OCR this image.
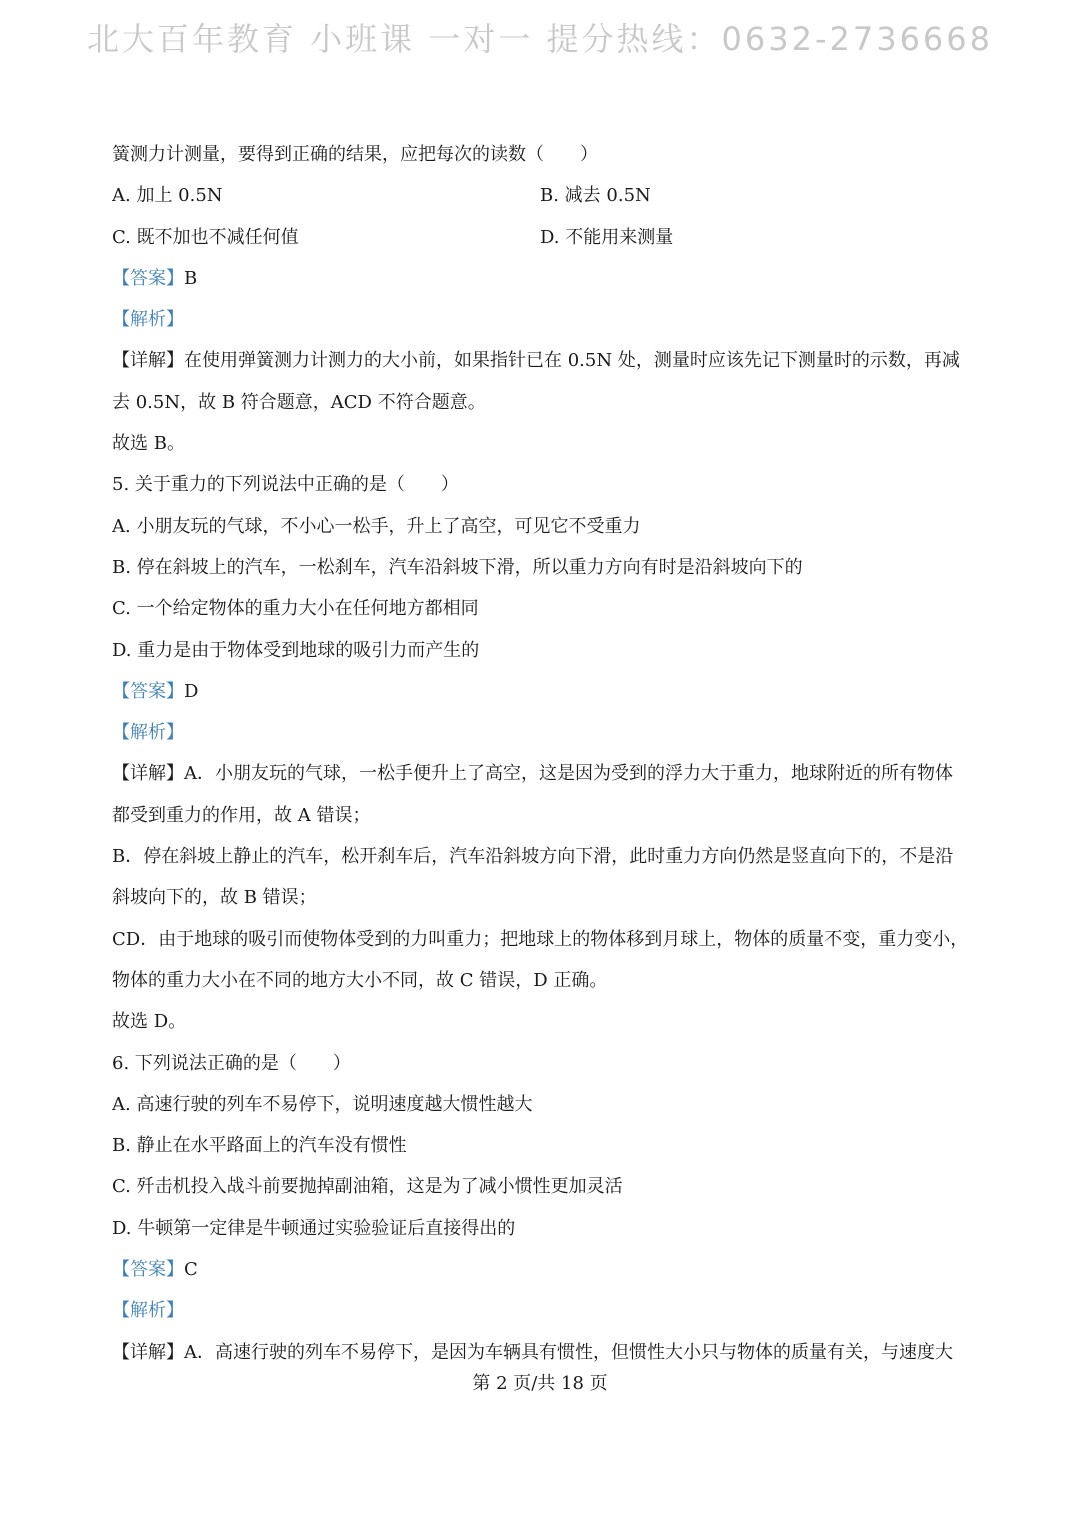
北大百年教育 小班课 一对一 提分热线：0632-2736668
簧测力计测量，要得到正确的结果，应把每次的读数（　　）
A. 加上 0.5N	B. 减去 0.5N
C. 既不加也不减任何值	D. 不能用来测量
【答案】B
【解析】
【详解】在使用弹簧测力计测力的大小前，如果指针已在 0.5N 处，测量时应该先记下测量时的示数，再减
去 0.5N，故 B 符合题意，ACD 不符合题意。
故选 B。
5. 关于重力的下列说法中正确的是（　　）
A. 小朋友玩的气球，不小心一松手，升上了高空，可见它不受重力
B. 停在斜坡上的汽车，一松刹车，汽车沿斜坡下滑，所以重力方向有时是沿斜坡向下的
C. 一个给定物体的重力大小在任何地方都相同
D. 重力是由于物体受到地球的吸引力而产生的
【答案】D
【解析】
【详解】A．小朋友玩的气球，一松手便升上了高空，这是因为受到的浮力大于重力，地球附近的所有物体
都受到重力的作用，故 A 错误；
B．停在斜坡上静止的汽车，松开刹车后，汽车沿斜坡方向下滑，此时重力方向仍然是竖直向下的，不是沿
斜坡向下的，故 B 错误；
CD．由于地球的吸引而使物体受到的力叫重力；把地球上的物体移到月球上，物体的质量不变，重力变小，
物体的重力大小在不同的地方大小不同，故 C 错误，D 正确。
故选 D。
6. 下列说法正确的是（　　）
A. 高速行驶的列车不易停下，说明速度越大惯性越大
B. 静止在水平路面上的汽车没有惯性
C. 歼击机投入战斗前要抛掉副油箱，这是为了减小惯性更加灵活
D. 牛顿第一定律是牛顿通过实验验证后直接得出的
【答案】C
【解析】
【详解】A．高速行驶的列车不易停下，是因为车辆具有惯性，但惯性大小只与物体的质量有关，与速度大
第 2 页/共 18 页
